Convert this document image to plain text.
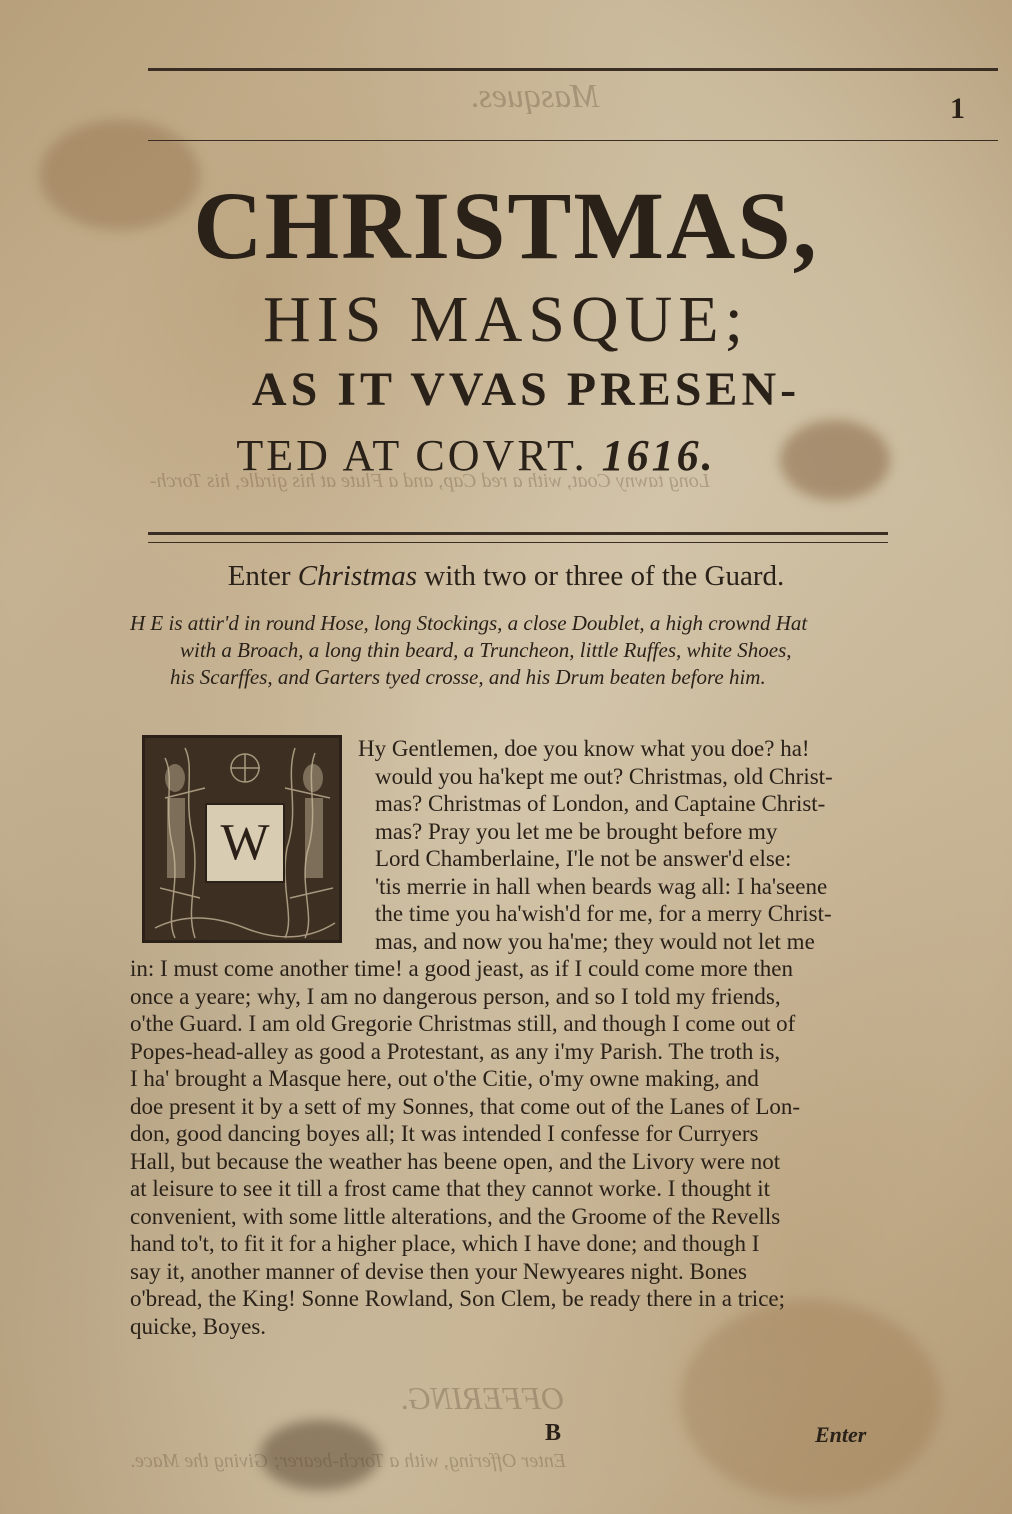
Masques.
Long tawny Coat, with a red Cap, and a Flute at his girdle, his Torch-
OFFERING.
Enter Offering, with a Torch-bearer; Giving the Mace.
1
CHRISTMAS,
HIS MASQUE;
AS IT VVAS PRESEN-
TED AT COVRT. 1616.
Enter Christmas with two or three of the Guard.
H E is attir'd in round Hose, long Stockings, a close Doublet, a high crownd Hat
with a Broach, a long thin beard, a Truncheon, little Ruffes, white Shoes,
his Scarffes, and Garters tyed crosse, and his Drum beaten before him.
W
Hy Gentlemen, doe you know what you doe? ha!
would you ha'kept me out? Christmas, old Christ-
mas? Christmas of London, and Captaine Christ-
mas? Pray you let me be brought before my
Lord Chamberlaine, I'le not be answer'd else:
'tis merrie in hall when beards wag all: I ha'seene
the time you ha'wish'd for me, for a merry Christ-
mas, and now you ha'me; they would not let me
in: I must come another time! a good jeast, as if I could come more then
once a yeare; why, I am no dangerous person, and so I told my friends,
o'the Guard. I am old Gregorie Christmas still, and though I come out of
Popes-head-alley as good a Protestant, as any i'my Parish. The troth is,
I ha' brought a Masque here, out o'the Citie, o'my owne making, and
doe present it by a sett of my Sonnes, that come out of the Lanes of Lon-
don, good dancing boyes all; It was intended I confesse for Curryers
Hall, but because the weather has beene open, and the Livory were not
at leisure to see it till a frost came that they cannot worke. I thought it
convenient, with some little alterations, and the Groome of the Revells
hand to't, to fit it for a higher place, which I have done; and though I
say it, another manner of devise then your Newyeares night. Bones
o'bread, the King! Sonne Rowland, Son Clem, be ready there in a trice;
quicke, Boyes.
B	Enter
